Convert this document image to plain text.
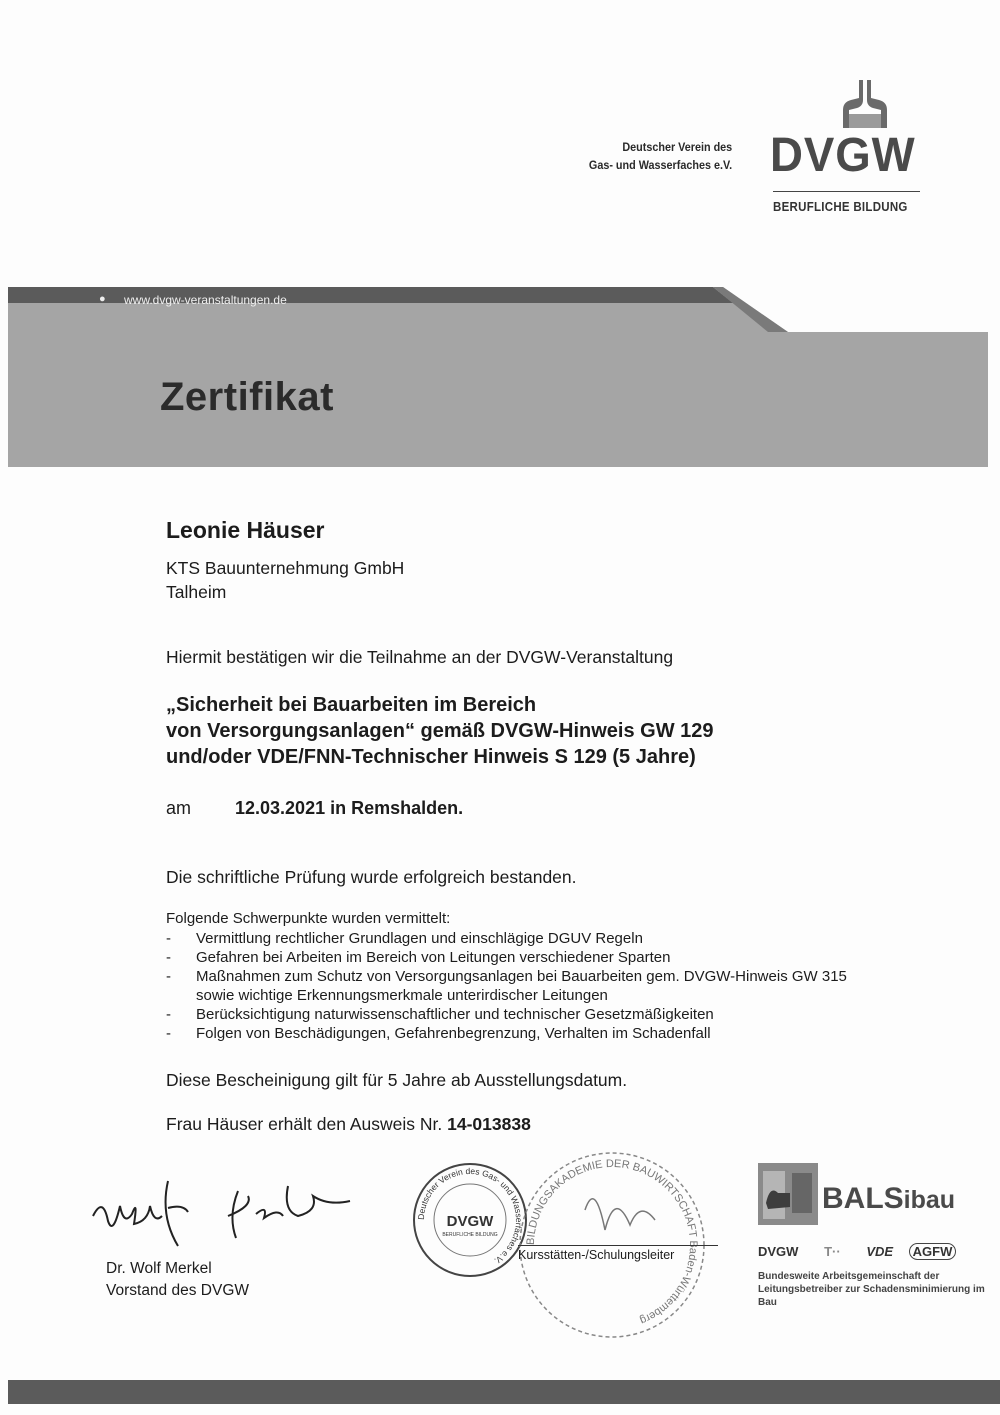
Deutscher Verein des
Gas- und Wasserfaches e.V. DVGW
BERUFLICHE BILDUNG
●	www.dvgw-veranstaltungen.de
Zertifikat
Leonie Häuser
KTS Bauunternehmung GmbH
Talheim
Hiermit bestätigen wir die Teilnahme an der DVGW-Veranstaltung
„Sicherheit bei Bauarbeiten im Bereich
von Versorgungsanlagen“ gemäß DVGW-Hinweis GW 129
und/oder VDE/FNN-Technischer Hinweis S 129 (5 Jahre)
am 12.03.2021 in Remshalden.
Die schriftliche Prüfung wurde erfolgreich bestanden.
Folgende Schwerpunkte wurden vermittelt:
- Vermittlung rechtlicher Grundlagen und einschlägige DGUV Regeln
- Gefahren bei Arbeiten im Bereich von Leitungen verschiedener Sparten
- Maßnahmen zum Schutz von Versorgungsanlagen bei Bauarbeiten gem. DVGW-Hinweis GW 315 sowie wichtige Erkennungsmerkmale unterirdischer Leitungen
- Berücksichtigung naturwissenschaftlicher und technischer Gesetzmäßigkeiten
- Folgen von Beschädigungen, Gefahrenbegrenzung, Verhalten im Schadenfall
Diese Bescheinigung gilt für 5 Jahre ab Ausstellungsdatum.
Frau Häuser erhält den Ausweis Nr. 14-013838
Dr. Wolf Merkel
Vorstand des DVGW
Deutscher Verein des Gas- und Wasserfaches e.V.
DVGW
BERUFLICHE BILDUNG
BILDUNGSAKADEMIE DER BAUWIRTSCHAFT aden-Württemberg
Kursstätten-/Schulungsleiter
BALSibau
DVGW T·· VDE AGFW
Bundesweite Arbeitsgemeinschaft der Leitungsbetreiber zur Schadensminimierung im Bau
